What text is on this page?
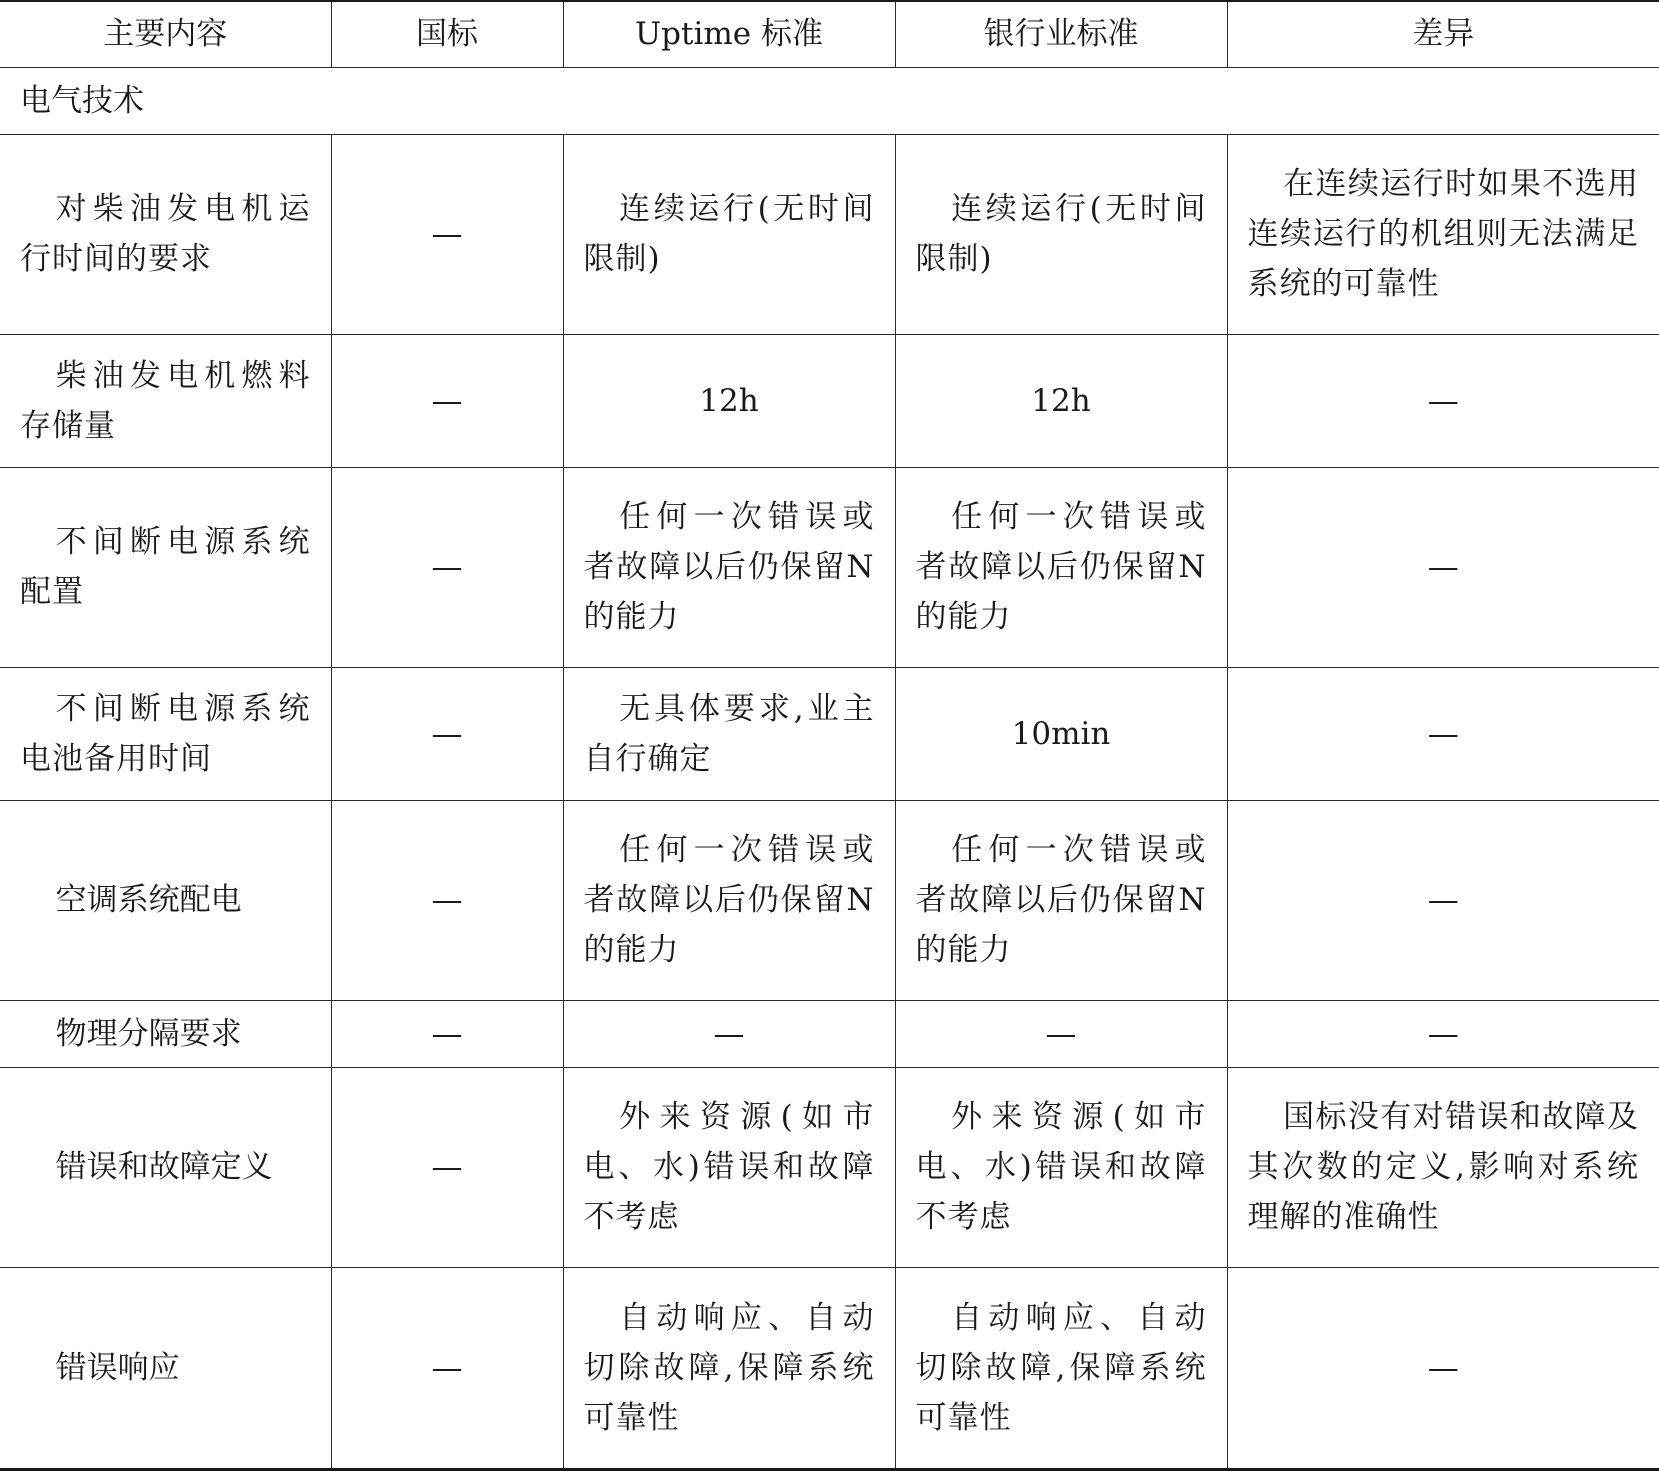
主要内容	国标	Uptime 标准	银行业标准	差异
电气技术				
对柴油发电机运行时间的要求	—	连续运行(无时间限制)	连续运行(无时间限制)	在连续运行时如果不选用连续运行的机组则无法满足系统的可靠性
柴油发电机燃料存储量	—	12h	12h	—
不间断电源系统配置	—	任何一次错误或者故障以后仍保留N 的能力	任何一次错误或者故障以后仍保留N 的能力	—
不间断电源系统电池备用时间	—	无具体要求,业主自行确定	10min	—
空调系统配电	—	任何一次错误或者故障以后仍保留N 的能力	任何一次错误或者故障以后仍保留N 的能力	—
物理分隔要求	—	—	—	—
错误和故障定义	—	外来资源(如市电、水)错误和故障不考虑	外来资源(如市电、水)错误和故障不考虑	国标没有对错误和故障及其次数的定义,影响对系统理解的准确性
错误响应	—	自动响应、自动切除故障,保障系统可靠性	自动响应、自动切除故障,保障系统可靠性	—
